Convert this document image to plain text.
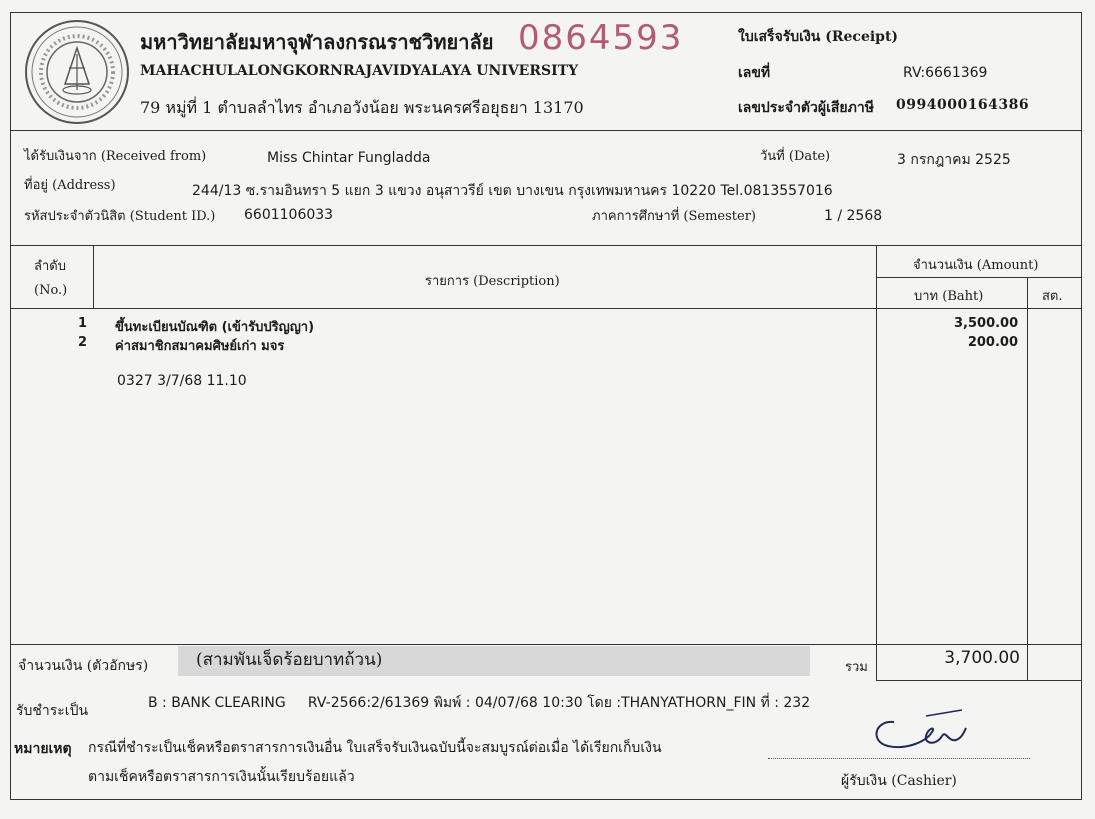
มหาวิทยาลัยมหาจุฬาลงกรณราชวิทยาลัย 0864593
MAHACHULALONGKORNRAJAVIDYALAYA UNIVERSITY
79 หมู่ที่ 1 ตำบลลำไทร อำเภอวังน้อย พระนครศรีอยุธยา 13170
ใบเสร็จรับเงิน (Receipt)
เลขที่	RV:6661369
เลขประจำตัวผู้เสียภาษี 0994000164386
ได้รับเงินจาก (Received from)	Miss Chintar Fungladda	วันที่ (Date)	3 กรกฎาคม 2525
ที่อยู่ (Address)	244/13 ซ.รามอินทรา 5 แยก 3 แขวง อนุสาวรีย์ เขต บางเขน กรุงเทพมหานคร 10220 Tel.0813557016
รหัสประจำตัวนิสิต (Student ID.) 6601106033	ภาคการศึกษาที่ (Semester)	1 / 2568
ลำดับ
(No.)
รายการ (Description)
จำนวนเงิน (Amount)
บาท (Baht)	สต.
1 ขึ้นทะเบียนบัณฑิต (เข้ารับปริญญา)	3,500.00
2 ค่าสมาชิกสมาคมศิษย์เก่า มจร	200.00
0327 3/7/68 11.10
จำนวนเงิน (ตัวอักษร)	(สามพันเจ็ดร้อยบาทถ้วน)	รวม	3,700.00
รับชำระเป็น	B : BANK CLEARING     RV-2566:2/61369 พิมพ์ : 04/07/68 10:30 โดย :THANYATHORN_FIN ที่ : 232
หมายเหตุ กรณีที่ชำระเป็นเช็คหรือตราสารการเงินอื่น ใบเสร็จรับเงินฉบับนี้จะสมบูรณ์ต่อเมื่อ ได้เรียกเก็บเงิน
ตามเช็คหรือตราสารการเงินนั้นเรียบร้อยแล้ว	ผู้รับเงิน (Cashier)
